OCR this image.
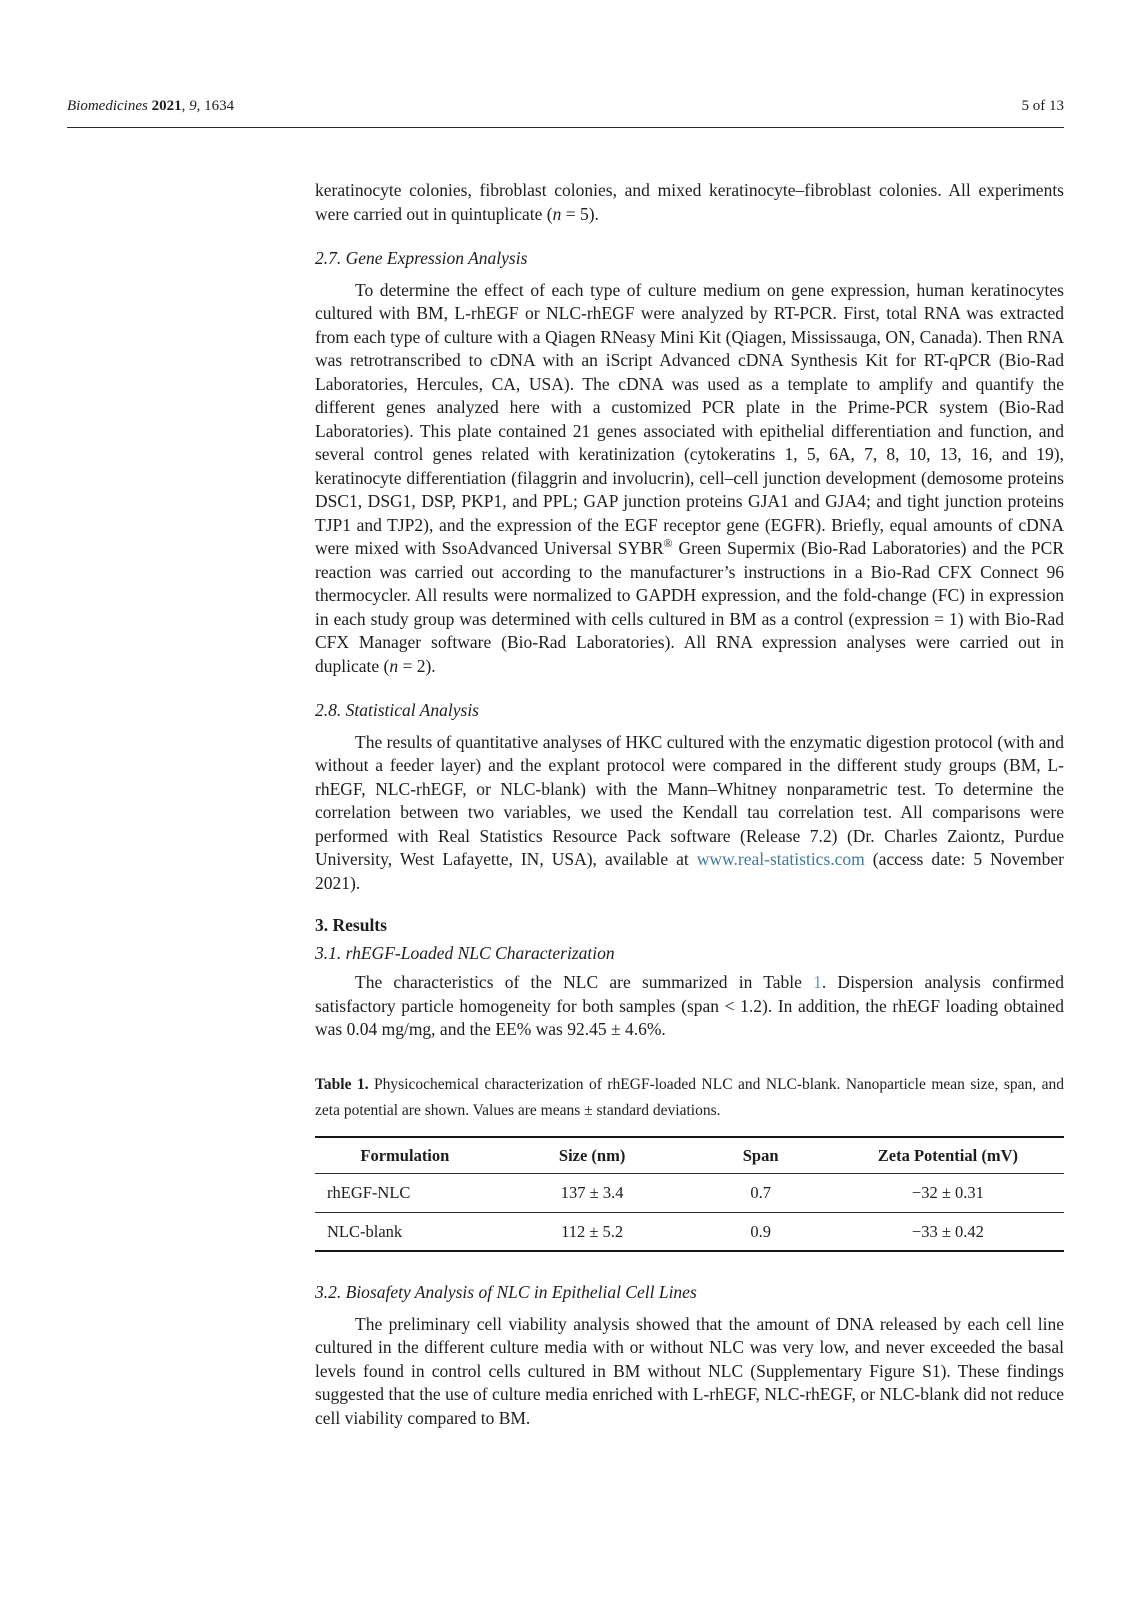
Biomedicines 2021, 9, 1634	5 of 13

keratinocyte colonies, fibroblast colonies, and mixed keratinocyte–fibroblast colonies. All experiments were carried out in quintuplicate (n = 5).

2.7. Gene Expression Analysis

To determine the effect of each type of culture medium on gene expression, human keratinocytes cultured with BM, L-rhEGF or NLC-rhEGF were analyzed by RT-PCR. First, total RNA was extracted from each type of culture with a Qiagen RNeasy Mini Kit (Qiagen, Mississauga, ON, Canada). Then RNA was retrotranscribed to cDNA with an iScript Advanced cDNA Synthesis Kit for RT-qPCR (Bio-Rad Laboratories, Hercules, CA, USA). The cDNA was used as a template to amplify and quantify the different genes analyzed here with a customized PCR plate in the Prime-PCR system (Bio-Rad Laboratories). This plate contained 21 genes associated with epithelial differentiation and function, and several control genes related with keratinization (cytokeratins 1, 5, 6A, 7, 8, 10, 13, 16, and 19), keratinocyte differentiation (filaggrin and involucrin), cell–cell junction development (demosome proteins DSC1, DSG1, DSP, PKP1, and PPL; GAP junction proteins GJA1 and GJA4; and tight junction proteins TJP1 and TJP2), and the expression of the EGF receptor gene (EGFR). Briefly, equal amounts of cDNA were mixed with SsoAdvanced Universal SYBR® Green Supermix (Bio-Rad Laboratories) and the PCR reaction was carried out according to the manufacturer’s instructions in a Bio-Rad CFX Connect 96 thermocycler. All results were normalized to GAPDH expression, and the fold-change (FC) in expression in each study group was determined with cells cultured in BM as a control (expression = 1) with Bio-Rad CFX Manager software (Bio-Rad Laboratories). All RNA expression analyses were carried out in duplicate (n = 2).

2.8. Statistical Analysis

The results of quantitative analyses of HKC cultured with the enzymatic digestion protocol (with and without a feeder layer) and the explant protocol were compared in the different study groups (BM, L-rhEGF, NLC-rhEGF, or NLC-blank) with the Mann–Whitney nonparametric test. To determine the correlation between two variables, we used the Kendall tau correlation test. All comparisons were performed with Real Statistics Resource Pack software (Release 7.2) (Dr. Charles Zaiontz, Purdue University, West Lafayette, IN, USA), available at www.real-statistics.com (access date: 5 November 2021).

3. Results
3.1. rhEGF-Loaded NLC Characterization

The characteristics of the NLC are summarized in Table 1. Dispersion analysis confirmed satisfactory particle homogeneity for both samples (span < 1.2). In addition, the rhEGF loading obtained was 0.04 mg/mg, and the EE% was 92.45 ± 4.6%.

Table 1. Physicochemical characterization of rhEGF-loaded NLC and NLC-blank. Nanoparticle mean size, span, and zeta potential are shown. Values are means ± standard deviations.

Formulation	Size (nm)	Span	Zeta Potential (mV)
rhEGF-NLC	137 ± 3.4	0.7	−32 ± 0.31
NLC-blank	112 ± 5.2	0.9	−33 ± 0.42
3.2. Biosafety Analysis of NLC in Epithelial Cell Lines

The preliminary cell viability analysis showed that the amount of DNA released by each cell line cultured in the different culture media with or without NLC was very low, and never exceeded the basal levels found in control cells cultured in BM without NLC (Supplementary Figure S1). These findings suggested that the use of culture media enriched with L-rhEGF, NLC-rhEGF, or NLC-blank did not reduce cell viability compared to BM.
